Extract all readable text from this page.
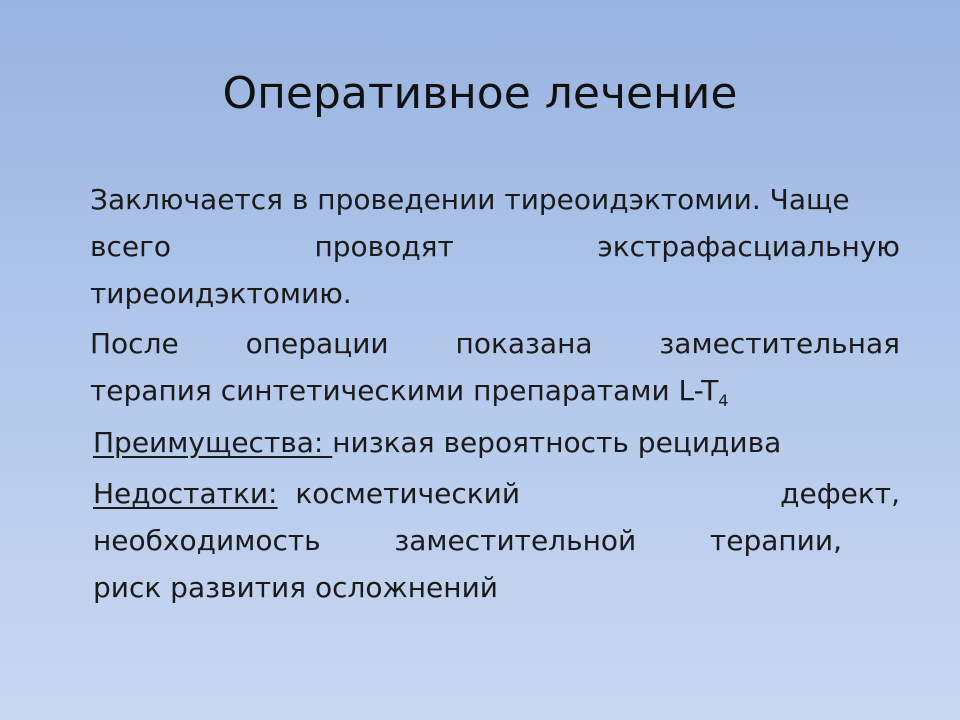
Оперативное лечение
Заключается в проведении тиреоидэктомии. Чаще
всего	проводят	экстрафасциальную
тиреоидэктомию.
После операции показана заместительная
терапия синтетическими препаратами $L-T_4$
Преимущества: низкая вероятность рецидива
Недостатки: косметический	дефект,
необходимость	заместительной	терапии,
риск развития осложнений
